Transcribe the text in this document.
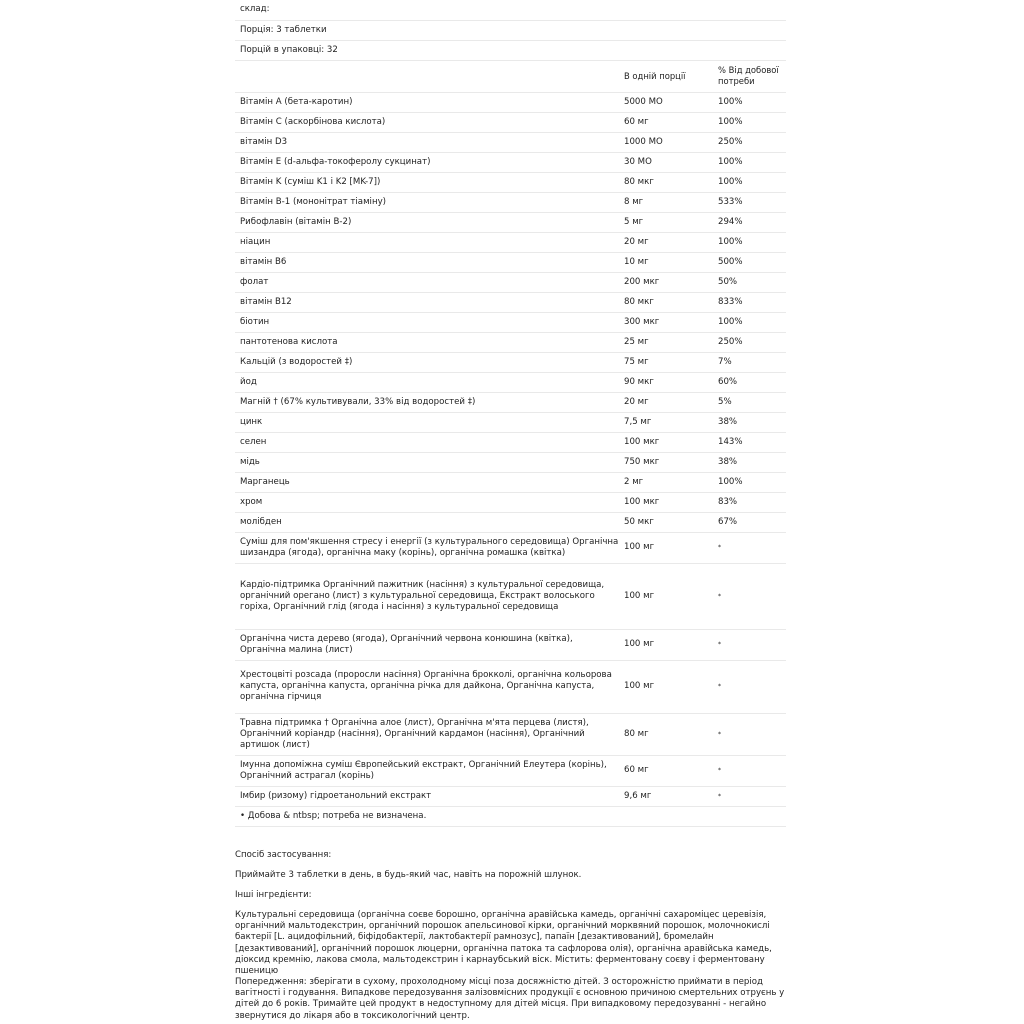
склад:		
Порція: 3 таблетки		
Порцій в упаковці: 32		
	В одній порції	% Від добової потреби
Вітамін A (бета-каротин)	5000 МО	100%
Вітамін C (аскорбінова кислота)	60 мг	100%
вітамін D3	1000 МО	250%
Вітамін E (d-альфа-токоферолу сукцинат)	30 МО	100%
Вітамін K (суміш K1 і K2 [MK-7])	80 мкг	100%
Вітамін B-1 (мононітрат тіаміну)	8 мг	533%
Рибофлавін (вітамін B-2)	5 мг	294%
ніацин	20 мг	100%
вітамін B6	10 мг	500%
фолат	200 мкг	50%
вітамін B12	80 мкг	833%
біотин	300 мкг	100%
пантотенова кислота	25 мг	250%
Кальцій (з водоростей ‡)	75 мг	7%
йод	90 мкг	60%
Магній † (67% культивували, 33% від водоростей ‡)	20 мг	5%
цинк	7,5 мг	38%
селен	100 мкг	143%
мідь	750 мкг	38%
Марганець	2 мг	100%
хром	100 мкг	83%
молібден	50 мкг	67%
Суміш для пом'якшення стресу і енергії (з культурального середовища) Органічна шизандра (ягода), органічна маку (корінь), органічна ромашка (квітка)	100 мг	*
Кардіо-підтримка Органічний пажитник (насіння) з культуральної середовища, органічний орегано (лист) з культуральної середовища, Екстракт волоського горіха, Органічний глід (ягода і насіння) з культуральної середовища	100 мг	*
Органічна чиста дерево (ягода), Органічний червона конюшина (квітка), Органічна малина (лист)	100 мг	*
Хрестоцвіті розсада (проросли насіння) Органічна брокколі, органічна кольорова капуста, органічна капуста, органічна річка для дайкона, Органічна капуста, органічна гірчиця	100 мг	*
Травна підтримка † Органічна алое (лист), Органічна м'ята перцева (листя), Органічний коріандр (насіння), Органічний кардамон (насіння), Органічний артишок (лист)	80 мг	*
Імунна допоміжна суміш Європейський екстракт, Органічний Елеутера (корінь), Органічний астрагал (корінь)	60 мг	*
Імбир (ризому) гідроетанольний екстракт	9,6 мг	*
• Добова & ntbsp; потреба не визначена.		
Спосіб застосування:
Приймайте 3 таблетки в день, в будь-який час, навіть на порожній шлунок.
Інші інгредієнти:
Культуральні середовища (органічна соєве борошно, органічна аравійська камедь, органічні сахароміцес церевізія, органічний мальтодекстрин, органічний порошок апельсинової кірки, органічний морквяний порошок, молочнокислі бактерії [L. ацидофільний, біфідобактерії, лактобактерії рамнозус], папаїн [дезактивований], бромелайн [дезактивований], органічний порошок люцерни, органічна патока та сафлорова олія), органічна аравійська камедь, діоксид кремнію, лакова смола, мальтодекстрин і карнаубський віск. Містить: ферментовану соєву і ферментовану пшеницю
Попередження: зберігати в сухому, прохолодному місці поза досяжністю дітей. З осторожністю приймати в період вагітності і годування. Випадкове передозування залізовмісних продукції є основною причиною смертельних отруєнь у дітей до 6 років. Тримайте цей продукт в недоступному для дітей місця. При випадковому передозуванні - негайно звернутися до лікаря або в токсикологічний центр.
